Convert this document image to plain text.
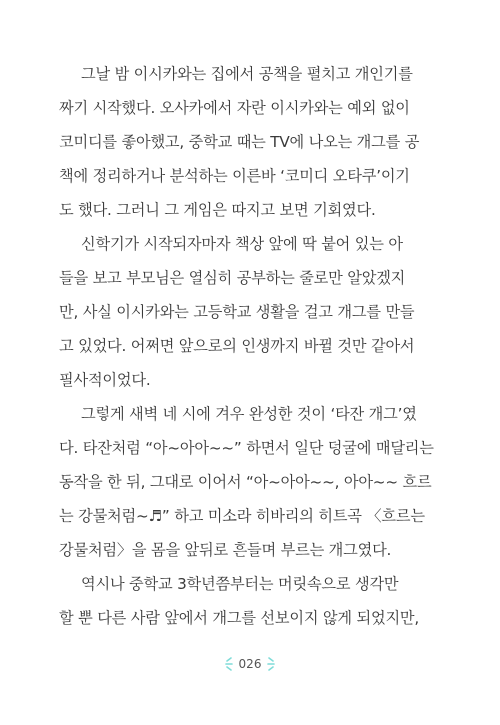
그날 밤 이시카와는 집에서 공책을 펼치고 개인기를
짜기 시작했다. 오사카에서 자란 이시카와는 예외 없이
코미디를 좋아했고, 중학교 때는 TV에 나오는 개그를 공
책에 정리하거나 분석하는 이른바 ‘코미디 오타쿠’이기
도 했다. 그러니 그 게임은 따지고 보면 기회였다.
신학기가 시작되자마자 책상 앞에 딱 붙어 있는 아
들을 보고 부모님은 열심히 공부하는 줄로만 알았겠지
만, 사실 이시카와는 고등학교 생활을 걸고 개그를 만들
고 있었다. 어쩌면 앞으로의 인생까지 바뀔 것만 같아서
필사적이었다.
그렇게 새벽 네 시에 겨우 완성한 것이 ‘타잔 개그’였
다. 타잔처럼 “아~아아~~” 하면서 일단 덩굴에 매달리는
동작을 한 뒤, 그대로 이어서 “아~아아~~, 아아~~ 흐르
는 강물처럼~♬” 하고 미소라 히바리의 히트곡 〈흐르는
강물처럼〉을 몸을 앞뒤로 흔들며 부르는 개그였다.
역시나 중학교 3학년쯤부터는 머릿속으로 생각만
할 뿐 다른 사람 앞에서 개그를 선보이지 않게 되었지만,
026
